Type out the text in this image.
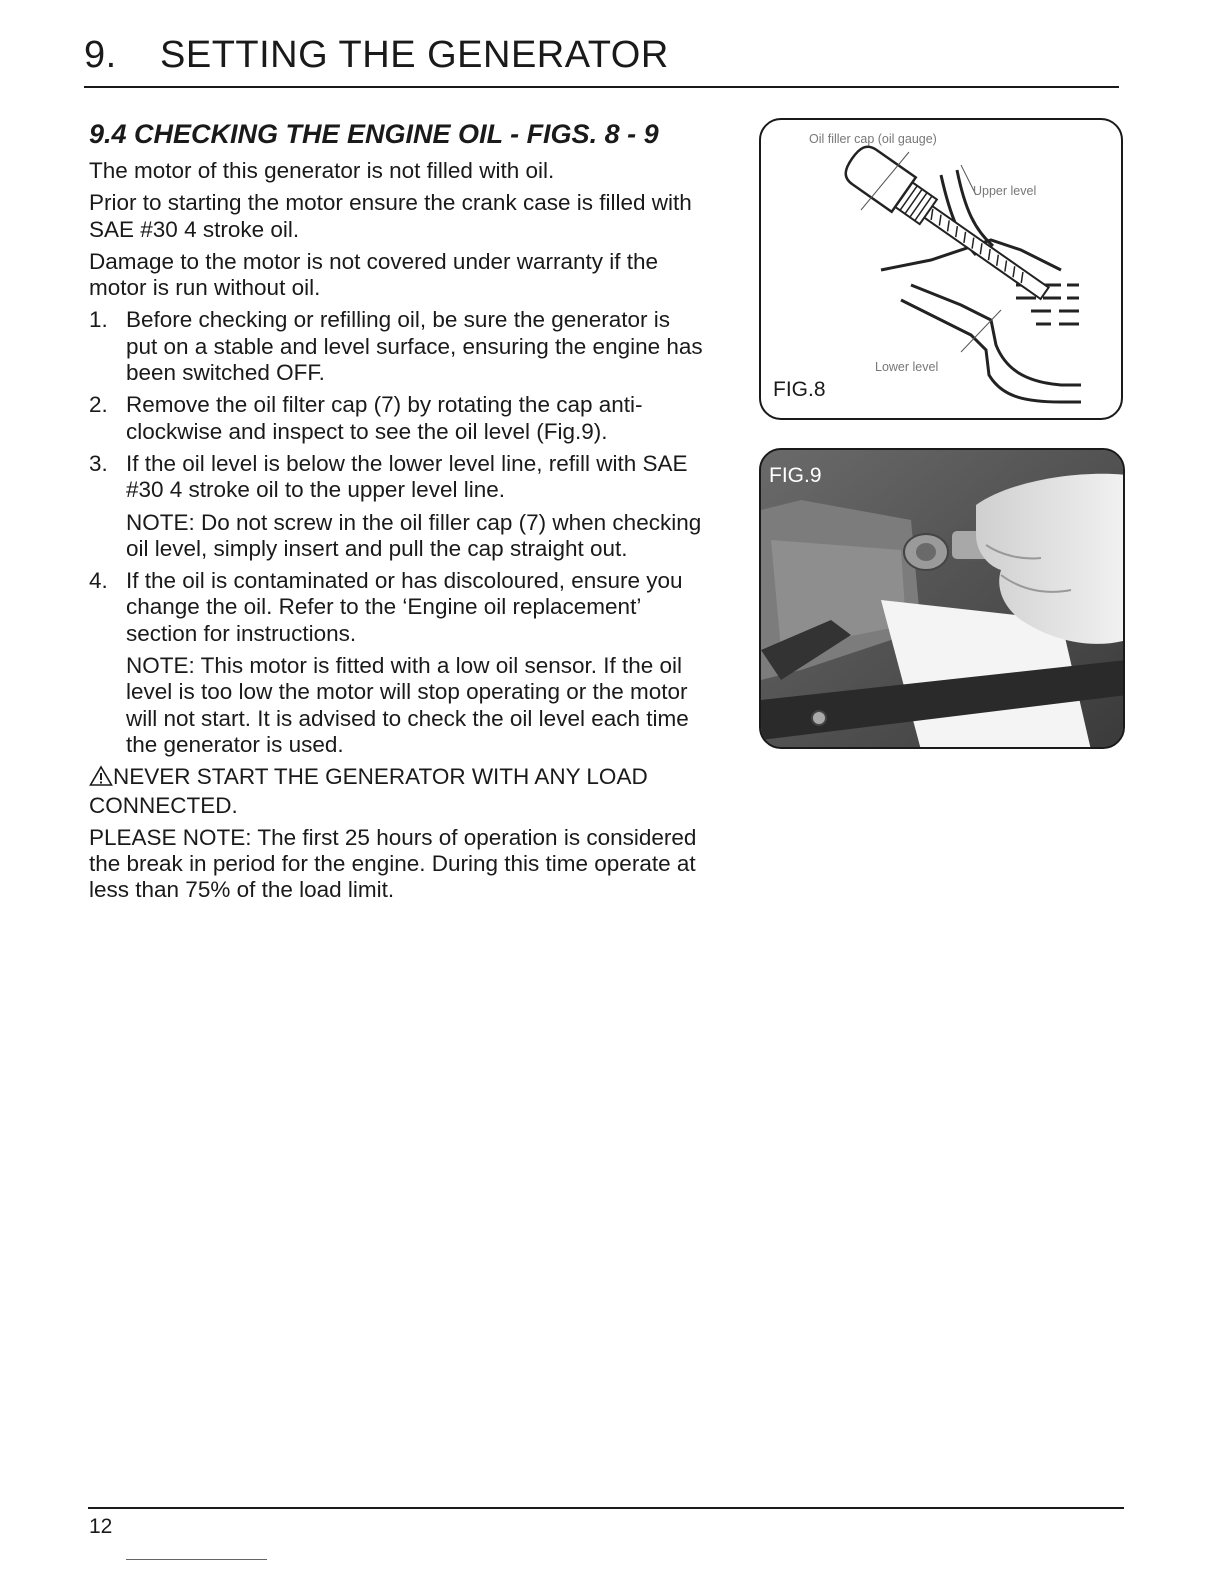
9. SETTING THE GENERATOR
9.4 CHECKING THE ENGINE OIL - FIGS. 8 - 9

The motor of this generator is not filled with oil.

Prior to starting the motor ensure the crank case is filled with SAE #30 4 stroke oil.

Damage to the motor is not covered under warranty if the motor is run without oil.

1. Before checking or refilling oil, be sure the generator is put on a stable and level surface, ensuring the engine has been switched OFF.
2. Remove the oil filter cap (7) by rotating the cap anti-clockwise and inspect to see the oil level (Fig.9).
3. If the oil level is below the lower level line, refill with SAE #30 4 stroke oil to the upper level line.

NOTE: Do not screw in the oil filler cap (7) when checking oil level, simply insert and pull the cap straight out.

4. If the oil is contaminated or has discoloured, ensure you change the oil. Refer to the ‘Engine oil replacement’ section for instructions.

NOTE: This motor is fitted with a low oil sensor. If the oil level is too low the motor will stop operating or the motor will not start. It is advised to check the oil level each time the generator is used.

NEVER START THE GENERATOR WITH ANY LOAD CONNECTED.

PLEASE NOTE: The first 25 hours of operation is considered the break in period for the engine. During this time operate at less than 75% of the load limit.

Oil filler cap (oil gauge)
Upper level
Lower level
FIG.8
FIG.9
12
